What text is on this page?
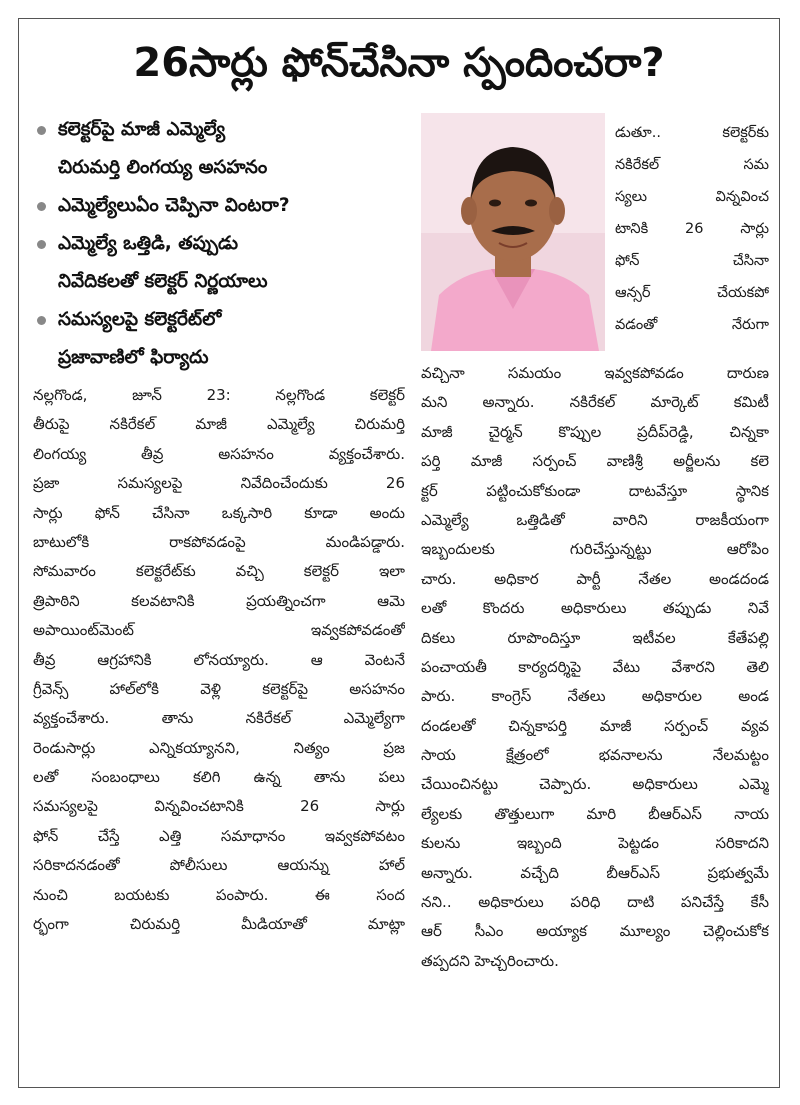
26సార్లు ఫోన్‌చేసినా స్పందించరా?
కలెక్టర్‌పై మాజీ ఎమ్మెల్యే
చిరుమర్తి లింగయ్య అసహనం
ఎమ్మెల్యేలుఏం చెప్పినా వింటరా?
ఎమ్మెల్యే ఒత్తిడి, తప్పుడు
నివేదికలతో కలెక్టర్‌ నిర్ణయాలు
సమస్యలపై కలెక్టరేట్‌లో
ప్రజావాణిలో ఫిర్యాదు
నల్లగొండ, జూన్‌ 23: నల్లగొండ కలెక్టర్‌
తీరుపై నకిరేకల్‌ మాజీ ఎమ్మెల్యే చిరుమర్తి
లింగయ్య తీవ్ర అసహనం వ్యక్తంచేశారు.
ప్రజా సమస్యలపై నివేదించేందుకు 26
సార్లు ఫోన్‌ చేసినా ఒక్కసారి కూడా అందు
బాటులోకి రాకపోవడంపై మండిపడ్డారు.
సోమవారం కలెక్టరేట్‌కు వచ్చి కలెక్టర్‌ ఇలా
త్రిపాఠిని కలవటానికి ప్రయత్నించగా ఆమె
అపాయింట్‌మెంట్‌ ఇవ్వకపోవడంతో
తీవ్ర ఆగ్రహానికి లోనయ్యారు. ఆ వెంటనే
గ్రీవెన్స్‌ హాల్‌లోకి వెళ్లి కలెక్టర్‌పై అసహనం
వ్యక్తంచేశారు. తాను నకిరేకల్‌ ఎమ్మెల్యేగా
రెండుసార్లు ఎన్నికయ్యానని, నిత్యం ప్రజ
లతో సంబంధాలు కలిగి ఉన్న తాను పలు
సమస్యలపై విన్నవించటానికి 26 సార్లు
ఫోన్‌ చేస్తే ఎత్తి సమాధానం ఇవ్వకపోవటం
సరికాదనడంతో పోలీసులు ఆయన్ను హాల్‌
నుంచి బయటకు పంపారు. ఈ సంద
ర్భంగా చిరుమర్తి మీడియాతో మాట్లా
డుతూ.. కలెక్టర్‌కు
నకిరేకల్‌ సమ
స్యలు విన్నవించ
టానికి 26 సార్లు
ఫోన్‌ చేసినా
ఆన్సర్‌ చేయకపో
వడంతో నేరుగా
వచ్చినా సమయం ఇవ్వకపోవడం దారుణ
మని అన్నారు. నకిరేకల్‌ మార్కెట్‌ కమిటీ
మాజీ చైర్మన్‌ కొప్పుల ప్రదీప్‌రెడ్డి, చిన్నకా
పర్తి మాజీ సర్పంచ్‌ వాణిశ్రీ అర్జీలను కలె
క్టర్‌ పట్టించుకోకుండా దాటవేస్తూ స్థానిక
ఎమ్మెల్యే ఒత్తిడితో వారిని రాజకీయంగా
ఇబ్బందులకు గురిచేస్తున్నట్టు ఆరోపిం
చారు. అధికార పార్టీ నేతల అండదండ
లతో కొందరు అధికారులు తప్పుడు నివే
దికలు రూపొందిస్తూ ఇటీవల కేతేపల్లి
పంచాయతీ కార్యదర్శిపై వేటు వేశారని తెలి
పారు. కాంగ్రెస్‌ నేతలు అధికారుల అండ
దండలతో చిన్నకాపర్తి మాజీ సర్పంచ్‌ వ్యవ
సాయ క్షేత్రంలో భవనాలను నేలమట్టం
చేయించినట్టు చెప్పారు. అధికారులు ఎమ్మె
ల్యేలకు తొత్తులుగా మారి బీఆర్‌ఎస్‌ నాయ
కులను ఇబ్బంది పెట్టడం సరికాదని
అన్నారు. వచ్చేది బీఆర్‌ఎస్‌ ప్రభుత్వమే
నని.. అధికారులు పరిధి దాటి పనిచేస్తే కేసీ
ఆర్‌ సీఎం అయ్యాక మూల్యం చెల్లించుకోక
తప్పదని హెచ్చరించారు.
